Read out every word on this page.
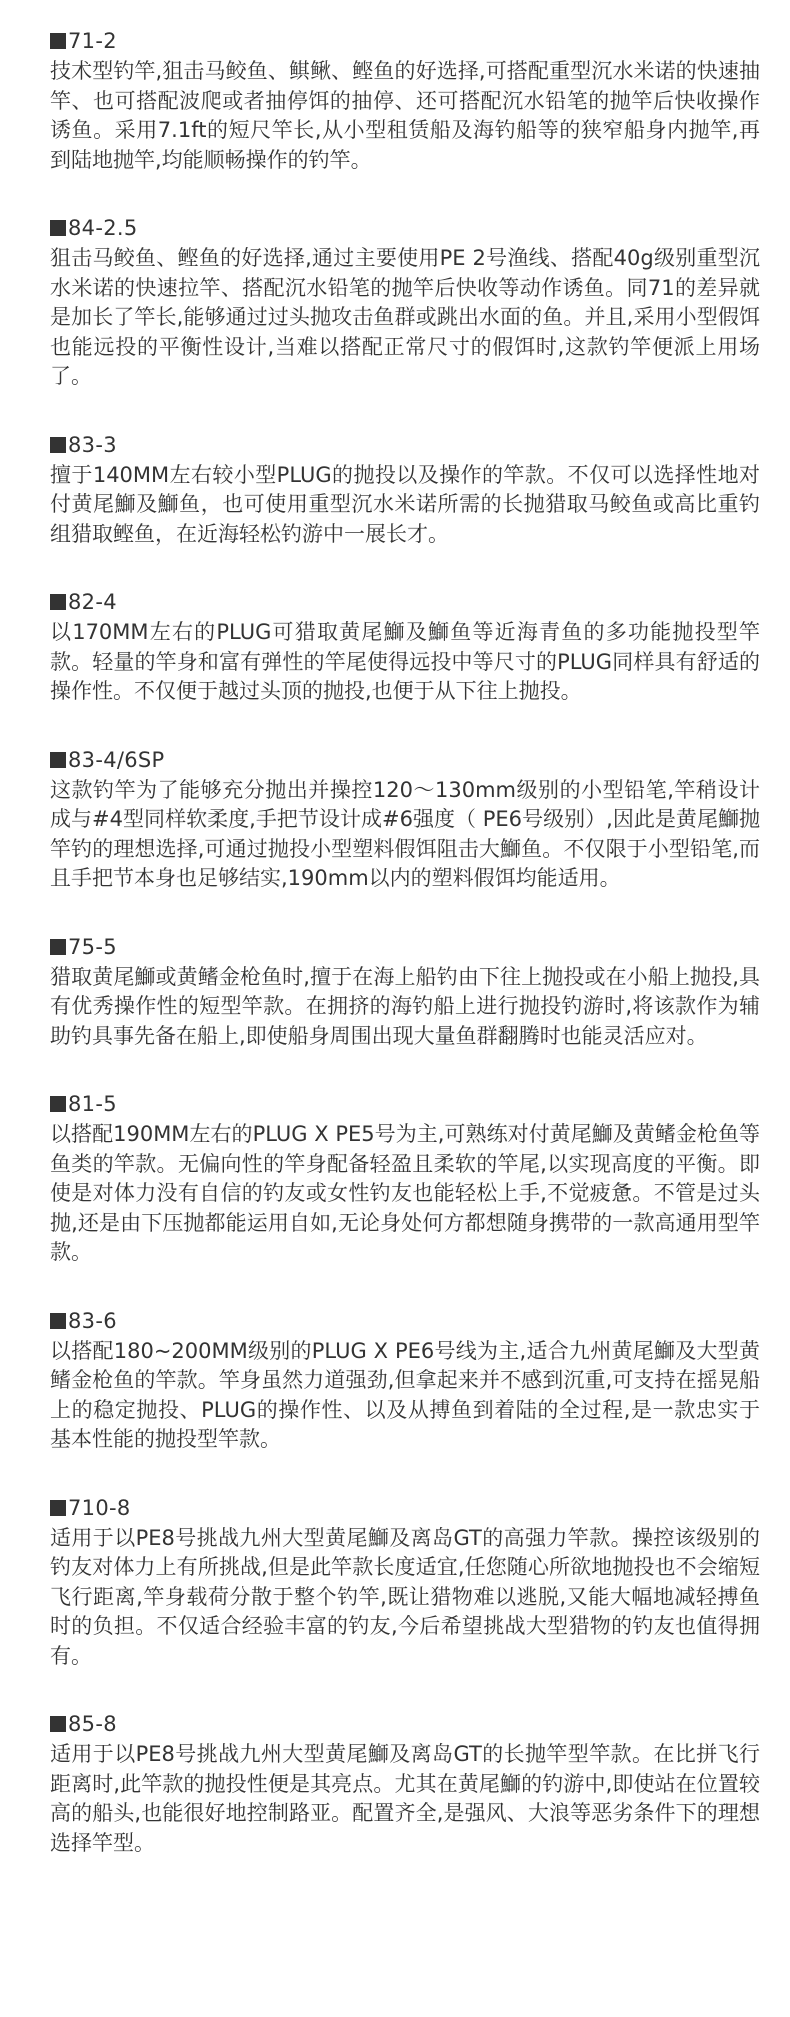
71-2

技术型钓竿,狙击马鲛鱼、鲯鳅、鲣鱼的好选择,可搭配重型沉水米诺的快速抽竿、也可搭配波爬或者抽停饵的抽停、还可搭配沉水铅笔的抛竿后快收操作诱鱼。采用7.1ft的短尺竿长,从小型租赁船及海钓船等的狭窄船身内抛竿,再到陆地抛竿,均能顺畅操作的钓竿。

84-2.5

狙击马鲛鱼、鲣鱼的好选择,通过主要使用PE 2号渔线、搭配40g级别重型沉水米诺的快速拉竿、搭配沉水铅笔的抛竿后快收等动作诱鱼。同71的差异就是加长了竿长,能够通过过头抛攻击鱼群或跳出水面的鱼。并且,采用小型假饵也能远投的平衡性设计,当难以搭配正常尺寸的假饵时,这款钓竿便派上用场了。

83-3

擅于140MM左右较小型PLUG的抛投以及操作的竿款。不仅可以选择性地对付黄尾鰤及鰤鱼，也可使用重型沉水米诺所需的长抛猎取马鲛鱼或高比重钓组猎取鲣鱼，在近海轻松钓游中一展长才。

82-4

以170MM左右的PLUG可猎取黄尾鰤及鰤鱼等近海青鱼的多功能抛投型竿款。轻量的竿身和富有弹性的竿尾使得远投中等尺寸的PLUG同样具有舒适的操作性。不仅便于越过头顶的抛投,也便于从下往上抛投。

83-4/6SP

这款钓竿为了能够充分抛出并操控120～130mm级别的小型铅笔,竿稍设计成与#4型同样软柔度,手把节设计成#6强度（ PE6号级别）,因此是黄尾鰤抛竿钓的理想选择,可通过抛投小型塑料假饵阻击大鰤鱼。不仅限于小型铅笔,而且手把节本身也足够结实,190mm以内的塑料假饵均能适用。

75-5

猎取黄尾鰤或黄鳍金枪鱼时,擅于在海上船钓由下往上抛投或在小船上抛投,具有优秀操作性的短型竿款。在拥挤的海钓船上进行抛投钓游时,将该款作为辅助钓具事先备在船上,即使船身周围出现大量鱼群翻腾时也能灵活应对。

81-5

以搭配190MM左右的PLUG X PE5号为主,可熟练对付黄尾鰤及黄鳍金枪鱼等鱼类的竿款。无偏向性的竿身配备轻盈且柔软的竿尾,以实现高度的平衡。即使是对体力没有自信的钓友或女性钓友也能轻松上手,不觉疲惫。不管是过头抛,还是由下压抛都能运用自如,无论身处何方都想随身携带的一款高通用型竿款。

83-6

以搭配180~200MM级别的PLUG X PE6号线为主,适合九州黄尾鰤及大型黄鳍金枪鱼的竿款。竿身虽然力道强劲,但拿起来并不感到沉重,可支持在摇晃船上的稳定抛投、PLUG的操作性、以及从搏鱼到着陆的全过程,是一款忠实于基本性能的抛投型竿款。

710-8

适用于以PE8号挑战九州大型黄尾鰤及离岛GT的高强力竿款。操控该级别的钓友对体力上有所挑战,但是此竿款长度适宜,任您随心所欲地抛投也不会缩短飞行距离,竿身载荷分散于整个钓竿,既让猎物难以逃脱,又能大幅地减轻搏鱼时的负担。不仅适合经验丰富的钓友,今后希望挑战大型猎物的钓友也值得拥有。

85-8

适用于以PE8号挑战九州大型黄尾鰤及离岛GT的长抛竿型竿款。在比拼飞行距离时,此竿款的抛投性便是其亮点。尤其在黄尾鰤的钓游中,即使站在位置较高的船头,也能很好地控制路亚。配置齐全,是强风、大浪等恶劣条件下的理想选择竿型。
